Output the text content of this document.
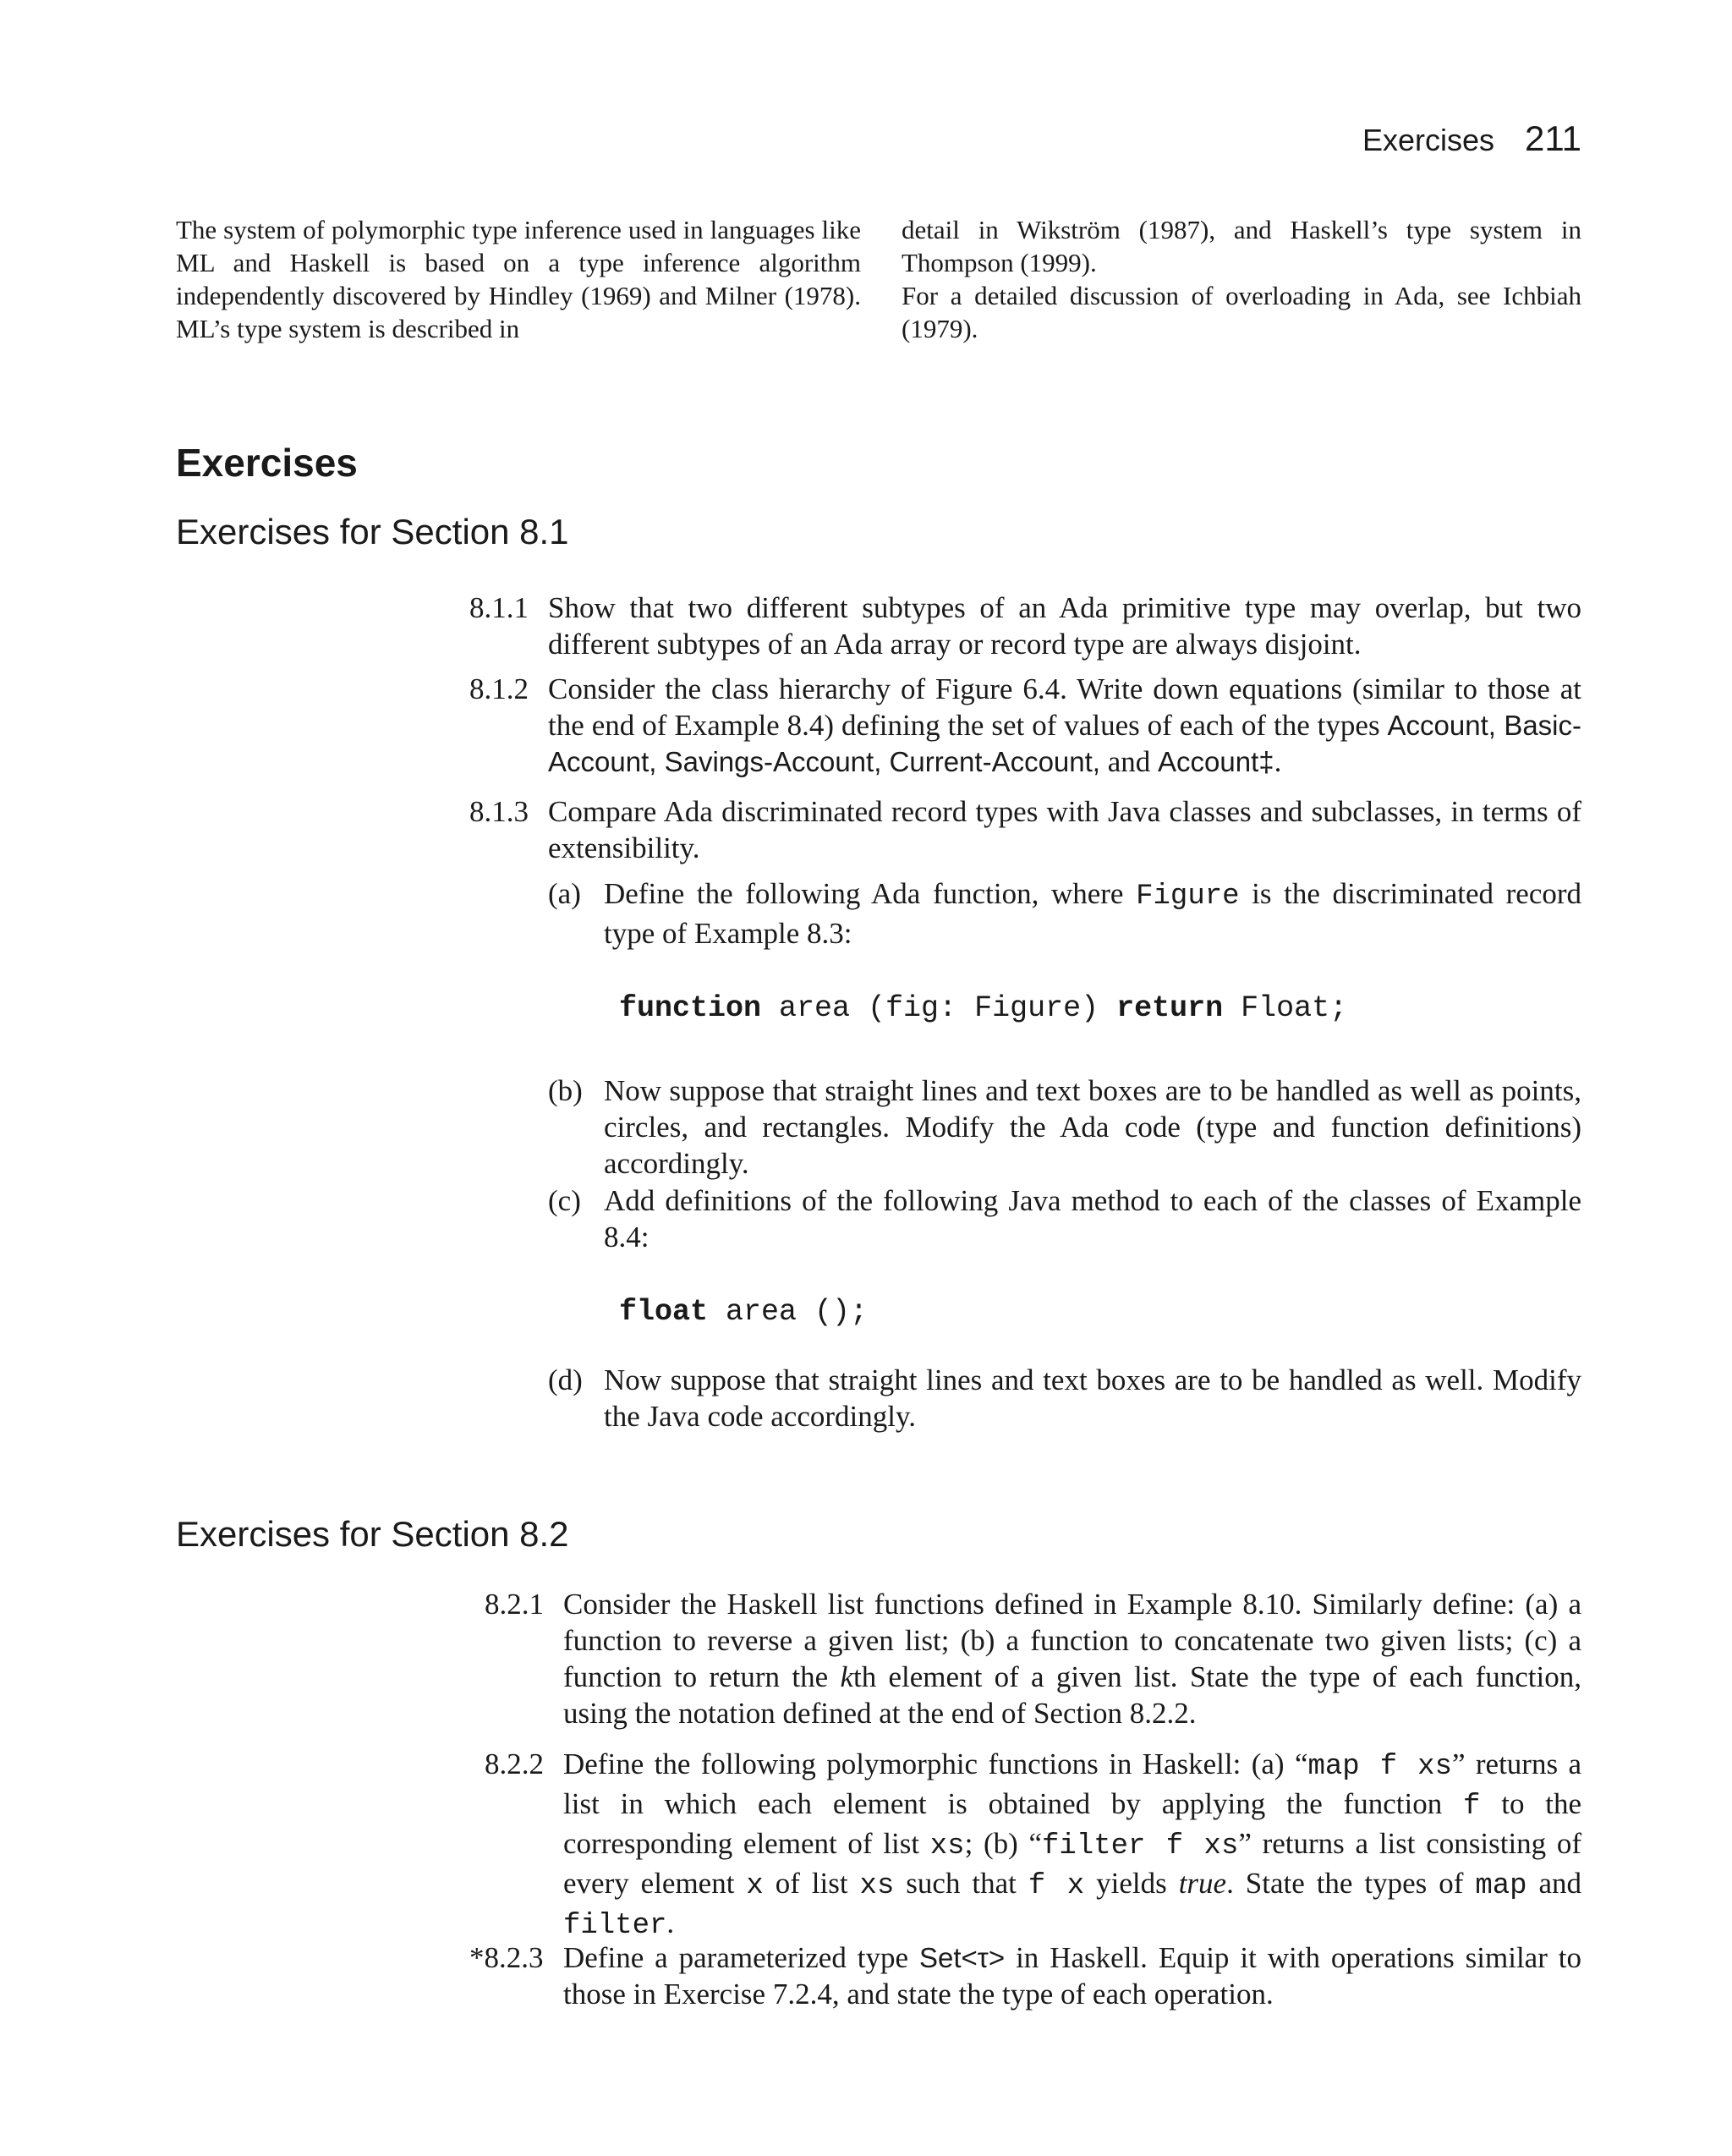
Exercises 211

The system of polymorphic type inference used in languages like ML and Haskell is based on a type inference algorithm independently discovered by Hindley (1969) and Milner (1978). ML’s type system is described in

detail in Wikström (1987), and Haskell’s type system in Thompson (1999).

For a detailed discussion of overloading in Ada, see Ichbiah (1979).

Exercises
Exercises for Section 8.1
Exercises for Section 8.2
8.1.1 Show that two different subtypes of an Ada primitive type may overlap, but two different subtypes of an Ada array or record type are always disjoint.
8.1.2 Consider the class hierarchy of Figure 6.4. Write down equations (similar to those at the end of Example 8.4) defining the set of values of each of the types Account, Basic-Account, Savings-Account, Current-Account, and Account‡.
8.1.3 Compare Ada discriminated record types with Java classes and subclasses, in terms of extensibility.
(a) Define the following Ada function, where Figure is the discriminated record type of Example 8.3:
function area (fig: Figure) return Float;
(b) Now suppose that straight lines and text boxes are to be handled as well as points, circles, and rectangles. Modify the Ada code (type and function definitions) accordingly.
(c) Add definitions of the following Java method to each of the classes of Example 8.4:
float area ();
(d) Now suppose that straight lines and text boxes are to be handled as well. Modify the Java code accordingly.
8.2.1 Consider the Haskell list functions defined in Example 8.10. Similarly define: (a) a function to reverse a given list; (b) a function to concatenate two given lists; (c) a function to return the kth element of a given list. State the type of each function, using the notation defined at the end of Section 8.2.2.
8.2.2 Define the following polymorphic functions in Haskell: (a) “map f xs” returns a list in which each element is obtained by applying the function f to the corresponding element of list xs; (b) “filter f xs” returns a list consisting of every element x of list xs such that f x yields true. State the types of map and filter.
*8.2.3 Define a parameterized type Set<τ> in Haskell. Equip it with operations similar to those in Exercise 7.2.4, and state the type of each operation.
